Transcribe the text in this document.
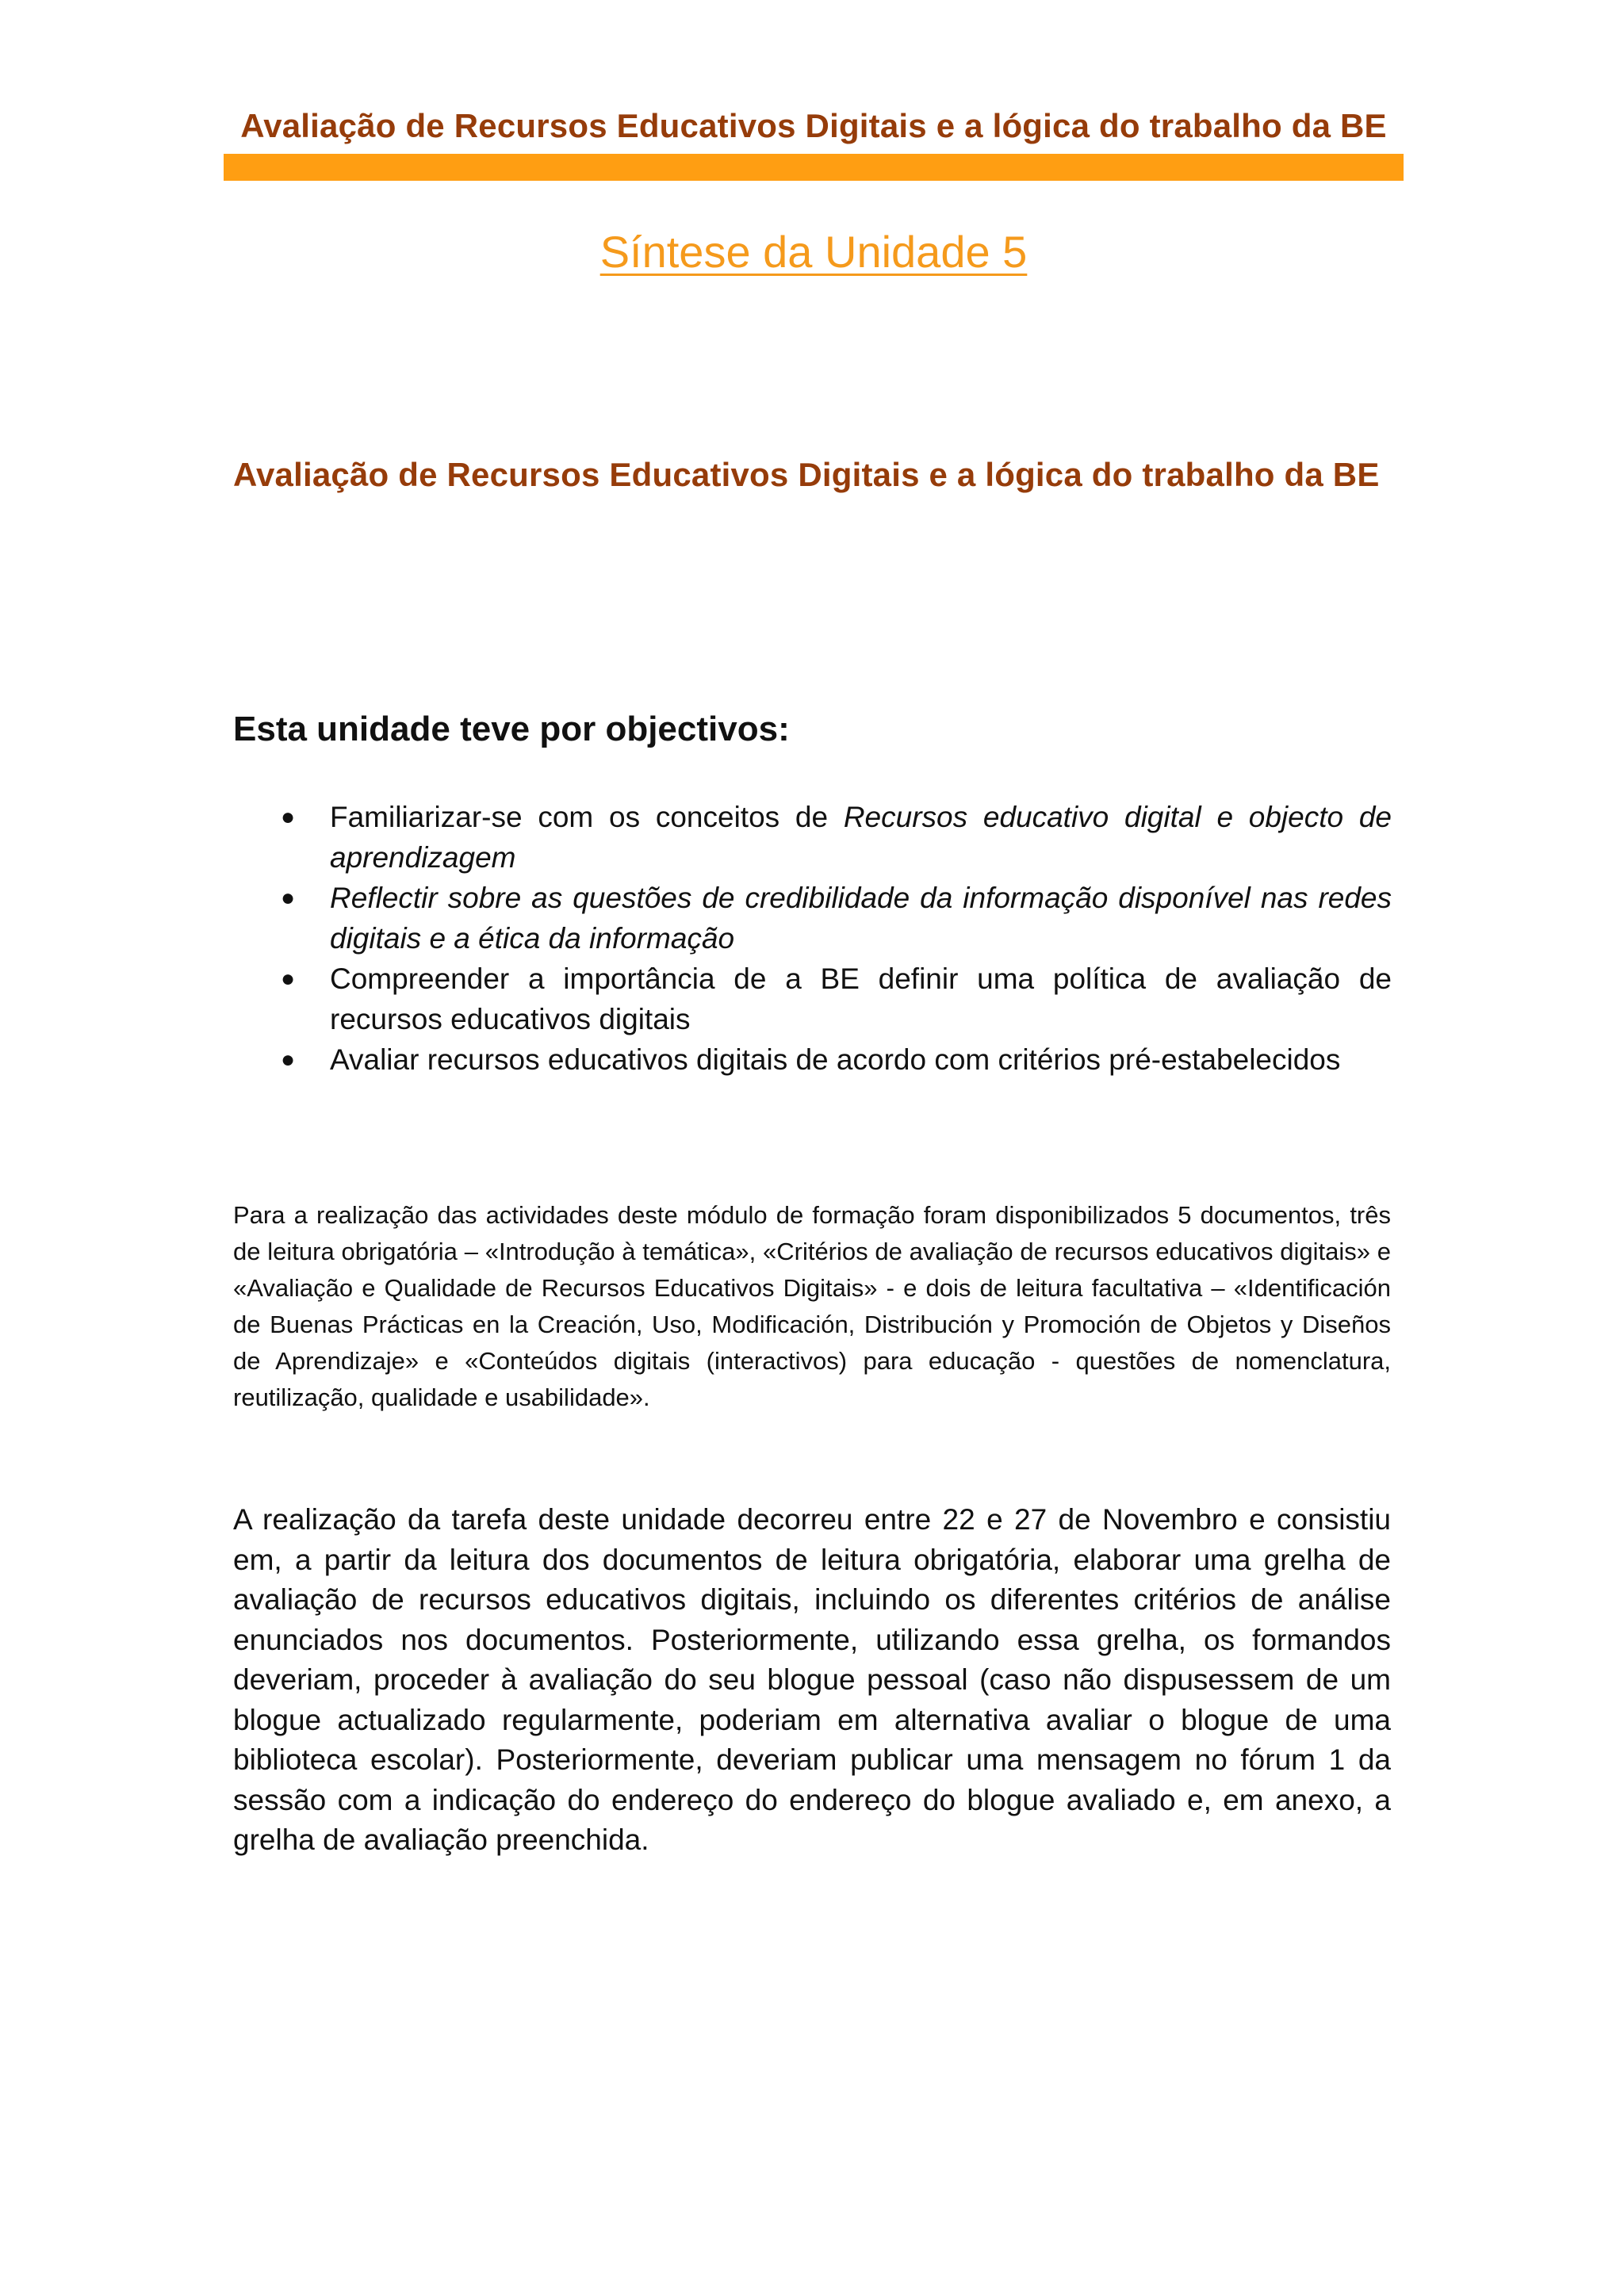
Avaliação de Recursos Educativos Digitais e a lógica do trabalho da BE
Síntese da Unidade 5
Avaliação de Recursos Educativos Digitais e a lógica do trabalho da BE
Esta unidade teve por objectivos:
● Familiarizar-se com os conceitos de Recursos educativo digital e objecto de aprendizagem
● Reflectir sobre as questões de credibilidade da informação disponível nas redes digitais e a ética da informação
● Compreender a importância de a BE definir uma política de avaliação de recursos educativos digitais
● Avaliar recursos educativos digitais de acordo com critérios pré-estabelecidos

Para a realização das actividades deste módulo de formação foram disponibilizados 5 documentos, três de leitura obrigatória – «Introdução à temática», «Critérios de avaliação de recursos educativos digitais» e «Avaliação e Qualidade de Recursos Educativos Digitais» - e dois de leitura facultativa – «Identificación de Buenas Prácticas en la Creación, Uso, Modificación, Distribución y Promoción de Objetos y Diseños de Aprendizaje» e «Conteúdos digitais (interactivos) para educação - questões de nomenclatura, reutilização, qualidade e usabilidade».

A realização da tarefa deste unidade decorreu entre 22 e 27 de Novembro e consistiu em, a partir da leitura dos documentos de leitura obrigatória, elaborar uma grelha de avaliação de recursos educativos digitais, incluindo os diferentes critérios de análise enunciados nos documentos. Posteriormente, utilizando essa grelha, os formandos deveriam, proceder à avaliação do seu blogue pessoal (caso não dispusessem de um blogue actualizado regularmente, poderiam em alternativa avaliar o blogue de uma biblioteca escolar). Posteriormente, deveriam publicar uma mensagem no fórum 1 da sessão com a indicação do endereço do endereço do blogue avaliado e, em anexo, a grelha de avaliação preenchida.
